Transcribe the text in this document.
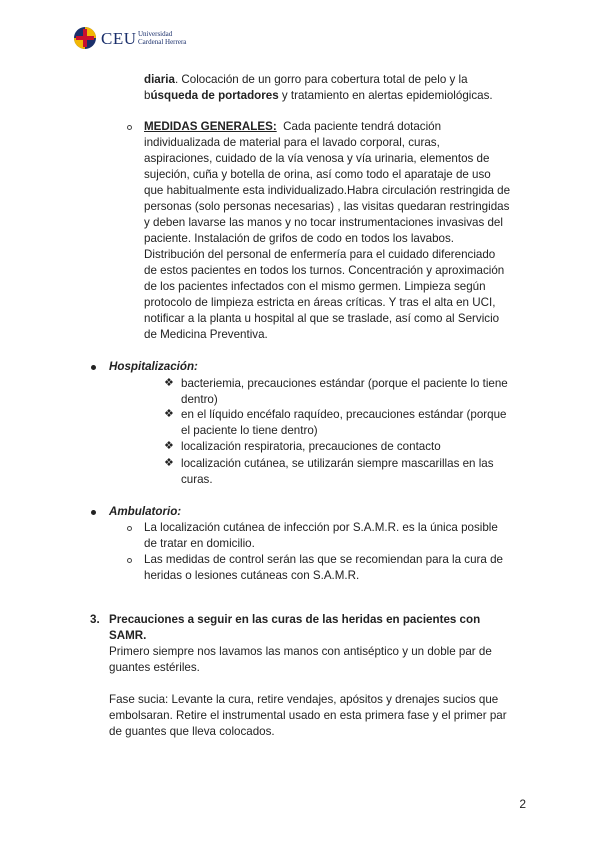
CEU Universidad
Cardenal Herrera
diaria. Colocación de un gorro para cobertura total de pelo y la
búsqueda de portadores y tratamiento en alertas epidemiológicas.
MEDIDAS GENERALES: Cada paciente tendrá dotación
individualizada de material para el lavado corporal, curas,
aspiraciones, cuidado de la vía venosa y vía urinaria, elementos de
sujeción, cuña y botella de orina, así como todo el aparataje de uso
que habitualmente esta individualizado.Habra circulación restringida de
personas (solo personas necesarias) , las visitas quedaran restringidas
y deben lavarse las manos y no tocar instrumentaciones invasivas del
paciente. Instalación de grifos de codo en todos los lavabos.
Distribución del personal de enfermería para el cuidado diferenciado
de estos pacientes en todos los turnos. Concentración y aproximación
de los pacientes infectados con el mismo germen. Limpieza según
protocolo de limpieza estricta en áreas críticas. Y tras el alta en UCI,
notificar a la planta u hospital al que se traslade, así como al Servicio
de Medicina Preventiva.
Hospitalización:
❖ bacteriemia, precauciones estándar (porque el paciente lo tiene
dentro)
❖ en el líquido encéfalo raquídeo, precauciones estándar (porque
el paciente lo tiene dentro)
❖ localización respiratoria, precauciones de contacto
❖ localización cutánea, se utilizarán siempre mascarillas en las
curas.
Ambulatorio:
La localización cutánea de infección por S.A.M.R. es la única posible
de tratar en domicilio.
Las medidas de control serán las que se recomiendan para la cura de
heridas o lesiones cutáneas con S.A.M.R.
3. Precauciones a seguir en las curas de las heridas en pacientes con
SAMR.
Primero siempre nos lavamos las manos con antiséptico y un doble par de
guantes estériles.
Fase sucia: Levante la cura, retire vendajes, apósitos y drenajes sucios que
embolsaran. Retire el instrumental usado en esta primera fase y el primer par
de guantes que lleva colocados.
2
